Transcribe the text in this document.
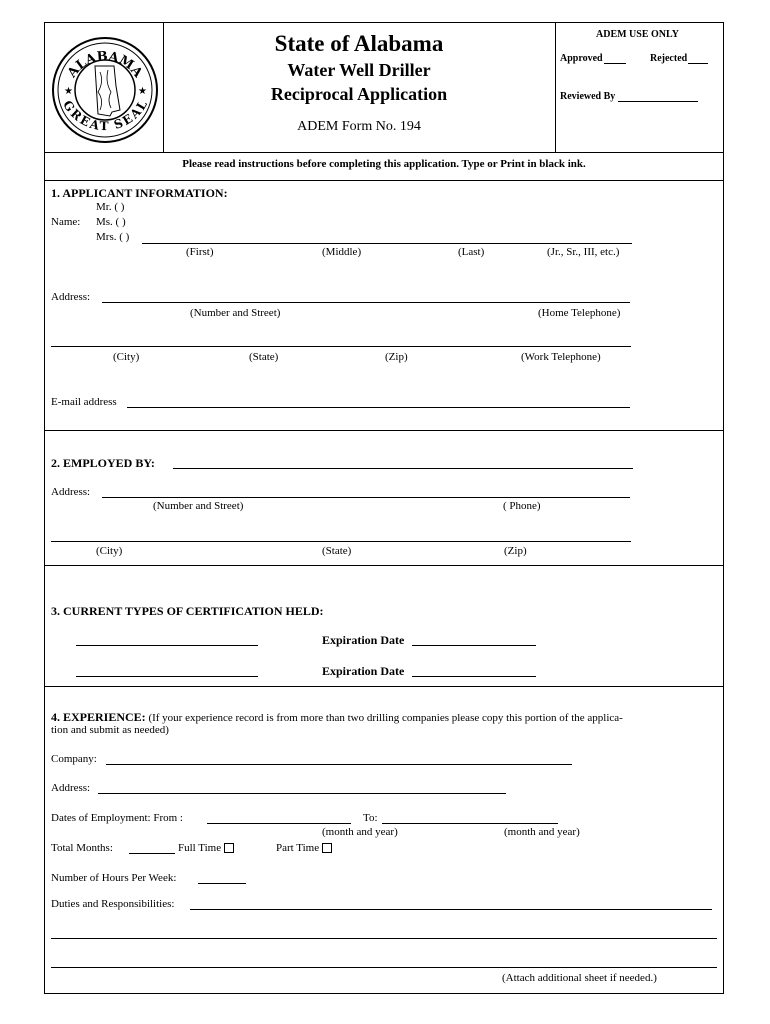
ALABAMA
GREAT SEAL
★	★
State of Alabama
Water Well Driller
Reciprocal Application
ADEM Form No. 194
ADEM USE ONLY
Approved	Rejected
Reviewed By
Please read instructions before completing this application. Type or Print in black ink.
1. APPLICANT INFORMATION:
Mr. ( )
Name: Ms. ( )
Mrs. ( )
(First)	(Middle)	(Last)	(Jr., Sr., III, etc.)
Address:
(Number and Street)	(Home Telephone)
(City)	(State)	(Zip)	(Work Telephone)
E-mail address
2. EMPLOYED BY:
Address:
(Number and Street)	( Phone)
(City)	(State)	(Zip)
3. CURRENT TYPES OF CERTIFICATION HELD:
Expiration Date
Expiration Date
4. EXPERIENCE: (If your experience record is from more than two drilling companies please copy this portion of the applica-
tion and submit as needed)
Company:
Address:
Dates of Employment: From :	To:
(month and year)	(month and year)
Total Months:	Full Time	Part Time
Number of Hours Per Week:
Duties and Responsibilities:
(Attach additional sheet if needed.)
